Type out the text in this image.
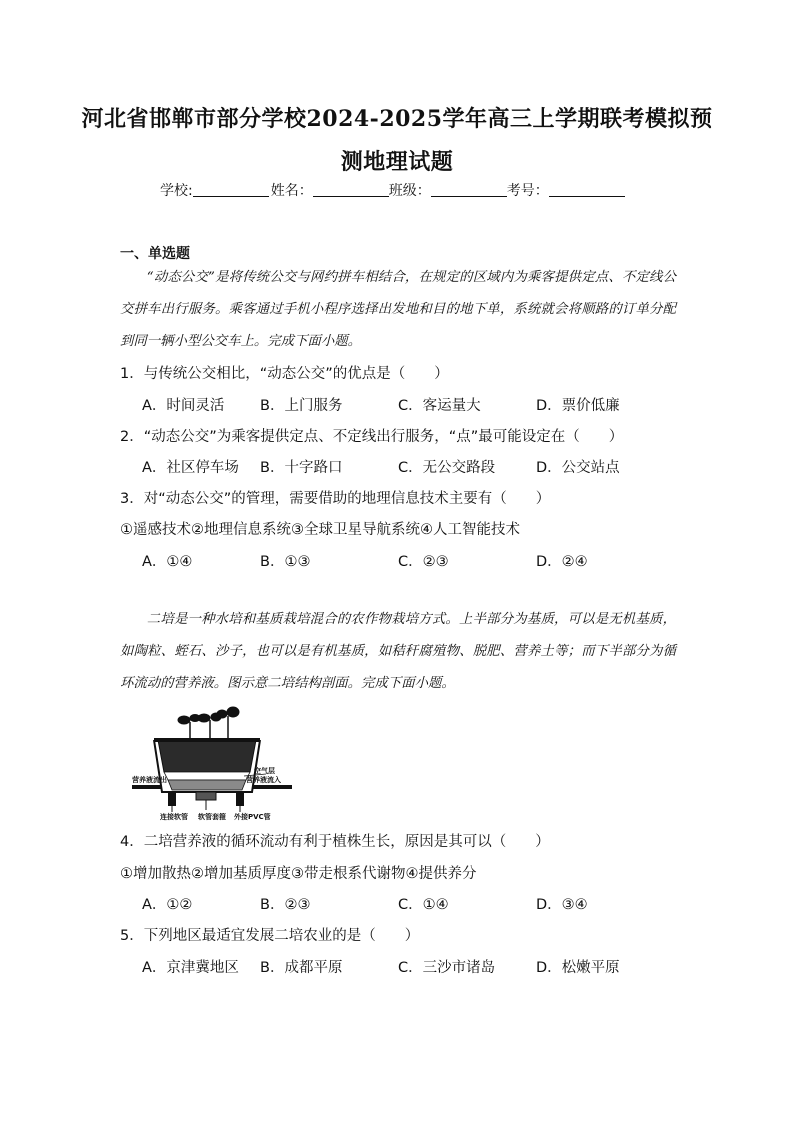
河北省邯郸市部分学校2024-2025学年高三上学期联考模拟预
测地理试题
学校:	姓名：	班级：	考号：
一、单选题
“动态公交”是将传统公交与网约拼车相结合，在规定的区域内为乘客提供定点、不定线公交拼车出行服务。乘客通过手机小程序选择出发地和目的地下单，系统就会将顺路的订单分配到同一辆小型公交车上。完成下面小题。
1．与传统公交相比，“动态公交”的优点是（　　）
A．时间灵活 B．上门服务	C．客运量大	D．票价低廉
2．“动态公交”为乘客提供定点、不定线出行服务，“点”最可能设定在（　　）
A．社区停车场 B．十字路口	C．无公交路段	D．公交站点
3．对“动态公交”的管理，需要借助的地理信息技术主要有（　　）
①遥感技术②地理信息系统③全球卫星导航系统④人工智能技术
A．①④	B．①③	C．②③	D．②④
二培是一种水培和基质栽培混合的农作物栽培方式。上半部分为基质，可以是无机基质，如陶粒、蛭石、沙子，也可以是有机基质，如秸秆腐殖物、脱肥、营养土等；而下半部分为循环流动的营养液。图示意二培结构剖面。完成下面小题。
空气层
营养液流出	营养液流入
连接软管 软管套箍 外接PVC管
4．二培营养液的循环流动有利于植株生长，原因是其可以（　　）
①增加散热②增加基质厚度③带走根系代谢物④提供养分
A．①②	B．②③	C．①④	D．③④
5．下列地区最适宜发展二培农业的是（　　）
A．京津冀地区 B．成都平原	C．三沙市诸岛	D．松嫩平原
